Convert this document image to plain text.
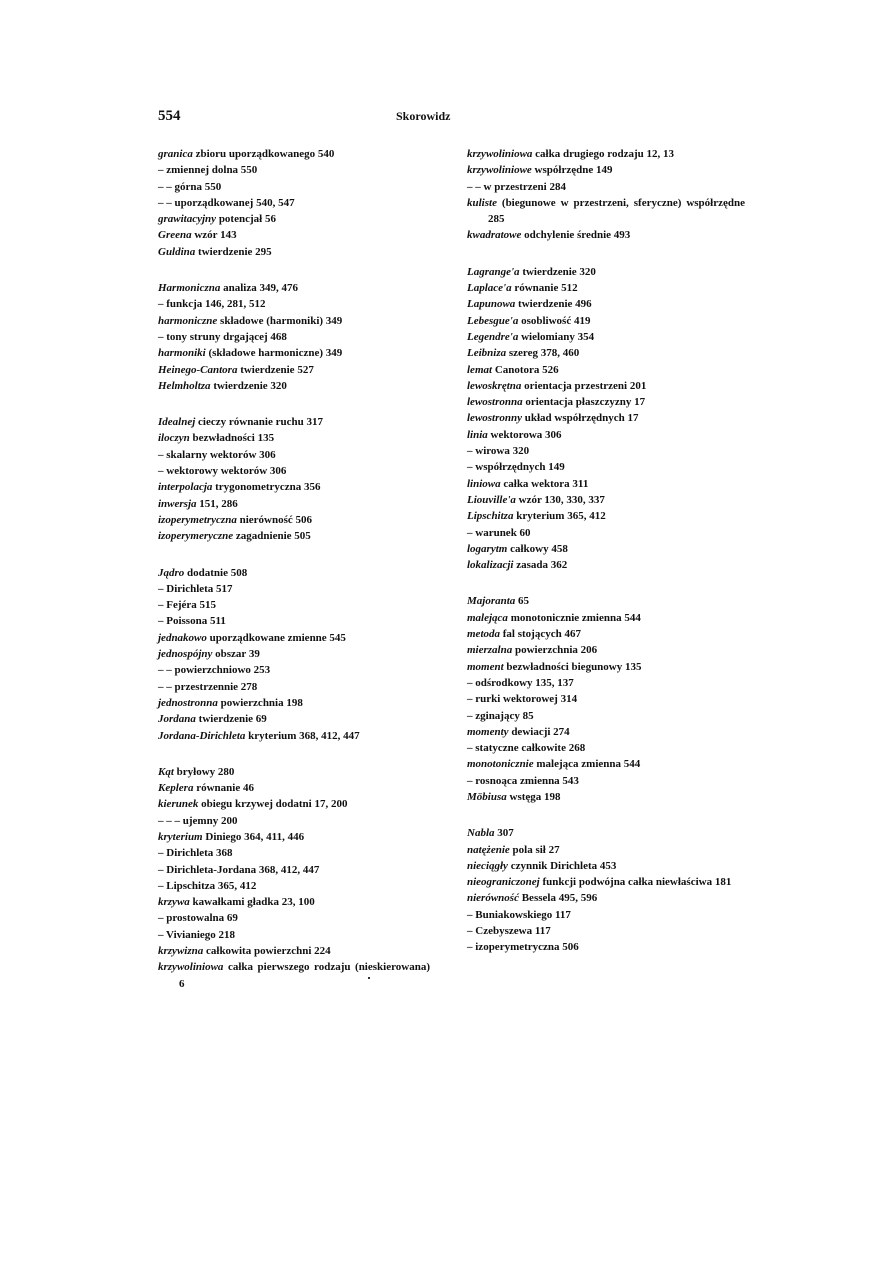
554	Skorowidz
granica zbioru uporządkowanego 540
– zmiennej dolna 550
– – górna 550
– – uporządkowanej 540, 547
grawitacyjny potencjał 56
Greena wzór 143
Guldina twierdzenie 295
Harmoniczna analiza 349, 476
– funkcja 146, 281, 512
harmoniczne składowe (harmoniki) 349
– tony struny drgającej 468
harmoniki (składowe harmoniczne) 349
Heinego-Cantora twierdzenie 527
Helmholtza twierdzenie 320
Idealnej cieczy równanie ruchu 317
iloczyn bezwładności 135
– skalarny wektorów 306
– wektorowy wektorów 306
interpolacja trygonometryczna 356
inwersja 151, 286
izoperymetryczna nierówność 506
izoperymeryczne zagadnienie 505
Jądro dodatnie 508
– Dirichleta 517
– Fejéra 515
– Poissona 511
jednakowo uporządkowane zmienne 545
jednospójny obszar 39
– – powierzchniowo 253
– – przestrzennie 278
jednostronna powierzchnia 198
Jordana twierdzenie 69
Jordana-Dirichleta kryterium 368, 412, 447
Kąt bryłowy 280
Keplera równanie 46
kierunek obiegu krzywej dodatni 17, 200
– – – ujemny 200
kryterium Diniego 364, 411, 446
– Dirichleta 368
– Dirichleta-Jordana 368, 412, 447
– Lipschitza 365, 412
krzywa kawałkami gładka 23, 100
– prostowalna 69
– Vivianiego 218
krzywizna całkowita powierzchni 224
krzywoliniowa całka pierwszego rodzaju (nieskierowana) 6
krzywoliniowa całka drugiego rodzaju 12, 13
krzywoliniowe współrzędne 149
– – w przestrzeni 284
kuliste (biegunowe w przestrzeni, sferyczne) współrzędne 285
kwadratowe odchylenie średnie 493
Lagrange'a twierdzenie 320
Laplace'a równanie 512
Lapunowa twierdzenie 496
Lebesgue'a osobliwość 419
Legendre'a wielomiany 354
Leibniza szereg 378, 460
lemat Canotora 526
lewoskrętna orientacja przestrzeni 201
lewostronna orientacja płaszczyzny 17
lewostronny układ współrzędnych 17
linia wektorowa 306
– wirowa 320
– współrzędnych 149
liniowa całka wektora 311
Liouville'a wzór 130, 330, 337
Lipschitza kryterium 365, 412
– warunek 60
logarytm całkowy 458
lokalizacji zasada 362
Majoranta 65
malejąca monotonicznie zmienna 544
metoda fal stojących 467
mierzalna powierzchnia 206
moment bezwładności biegunowy 135
– odśrodkowy 135, 137
– rurki wektorowej 314
– zginający 85
momenty dewiacji 274
– statyczne całkowite 268
monotonicznie malejąca zmienna 544
– rosnoąca zmienna 543
Möbiusa wstęga 198
Nabla 307
natężenie pola sił 27
nieciągły czynnik Dirichleta 453
nieograniczonej funkcji podwójna całka niewłaściwa 181
nierówność Bessela 495, 596
– Buniakowskiego 117
– Czebyszewa 117
– izoperymetryczna 506
